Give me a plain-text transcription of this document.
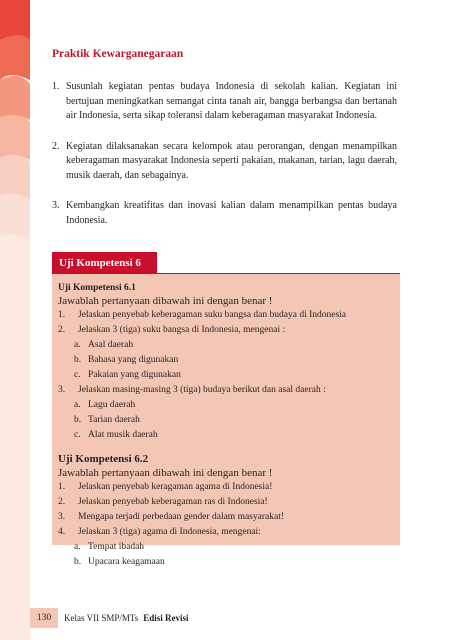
Praktik Kewarganegaraan
1. Susunlah kegiatan pentas budaya Indonesia di sekolah kalian. Kegiatan ini bertujuan meningkatkan semangat cinta tanah air, bangga berbangsa dan bertanah air Indonesia, serta sikap toleransi dalam keberagaman masyarakat Indonesia.
2. Kegiatan dilaksanakan secara kelompok atau perorangan, dengan menampilkan keberagaman masyarakat Indonesia seperti pakaian, makanan, tarian, lagu daerah, musik daerah, dan sebagainya.
3. Kembangkan kreatifitas dan inovasi kalian dalam menampilkan pentas budaya Indonesia.
Uji Kompetensi 6
Uji Kompetensi 6.1
Jawablah pertanyaan dibawah ini dengan benar !
1. Jelaskan penyebab keberagaman suku bangsa dan budaya di Indonesia
2. Jelaskan 3 (tiga) suku bangsa di Indonesia, mengenai :
a. Asal daerah
b. Bahasa yang digunakan
c. Pakaian yang digunakan
3. Jelaskan masing-masing 3 (tiga) budaya berikut dan asal daerah :
a. Lagu daerah
b. Tarian daerah
c. Alat musik daerah
Uji Kompetensi 6.2
Jawablah pertanyaan dibawah ini dengan benar !
1. Jelaskan penyebab keragaman agama di Indonesia!
2. Jelaskan penyebab keberagaman ras di Indonesia!
3. Mengapa terjadi perbedaan gender dalam masyarakat!
4. Jelaskan 3 (tiga) agama di Indonesia, mengenai:
a. Tempat ibadah
b. Upacara keagamaan
130	Kelas VII SMP/MTs Edisi Revisi
